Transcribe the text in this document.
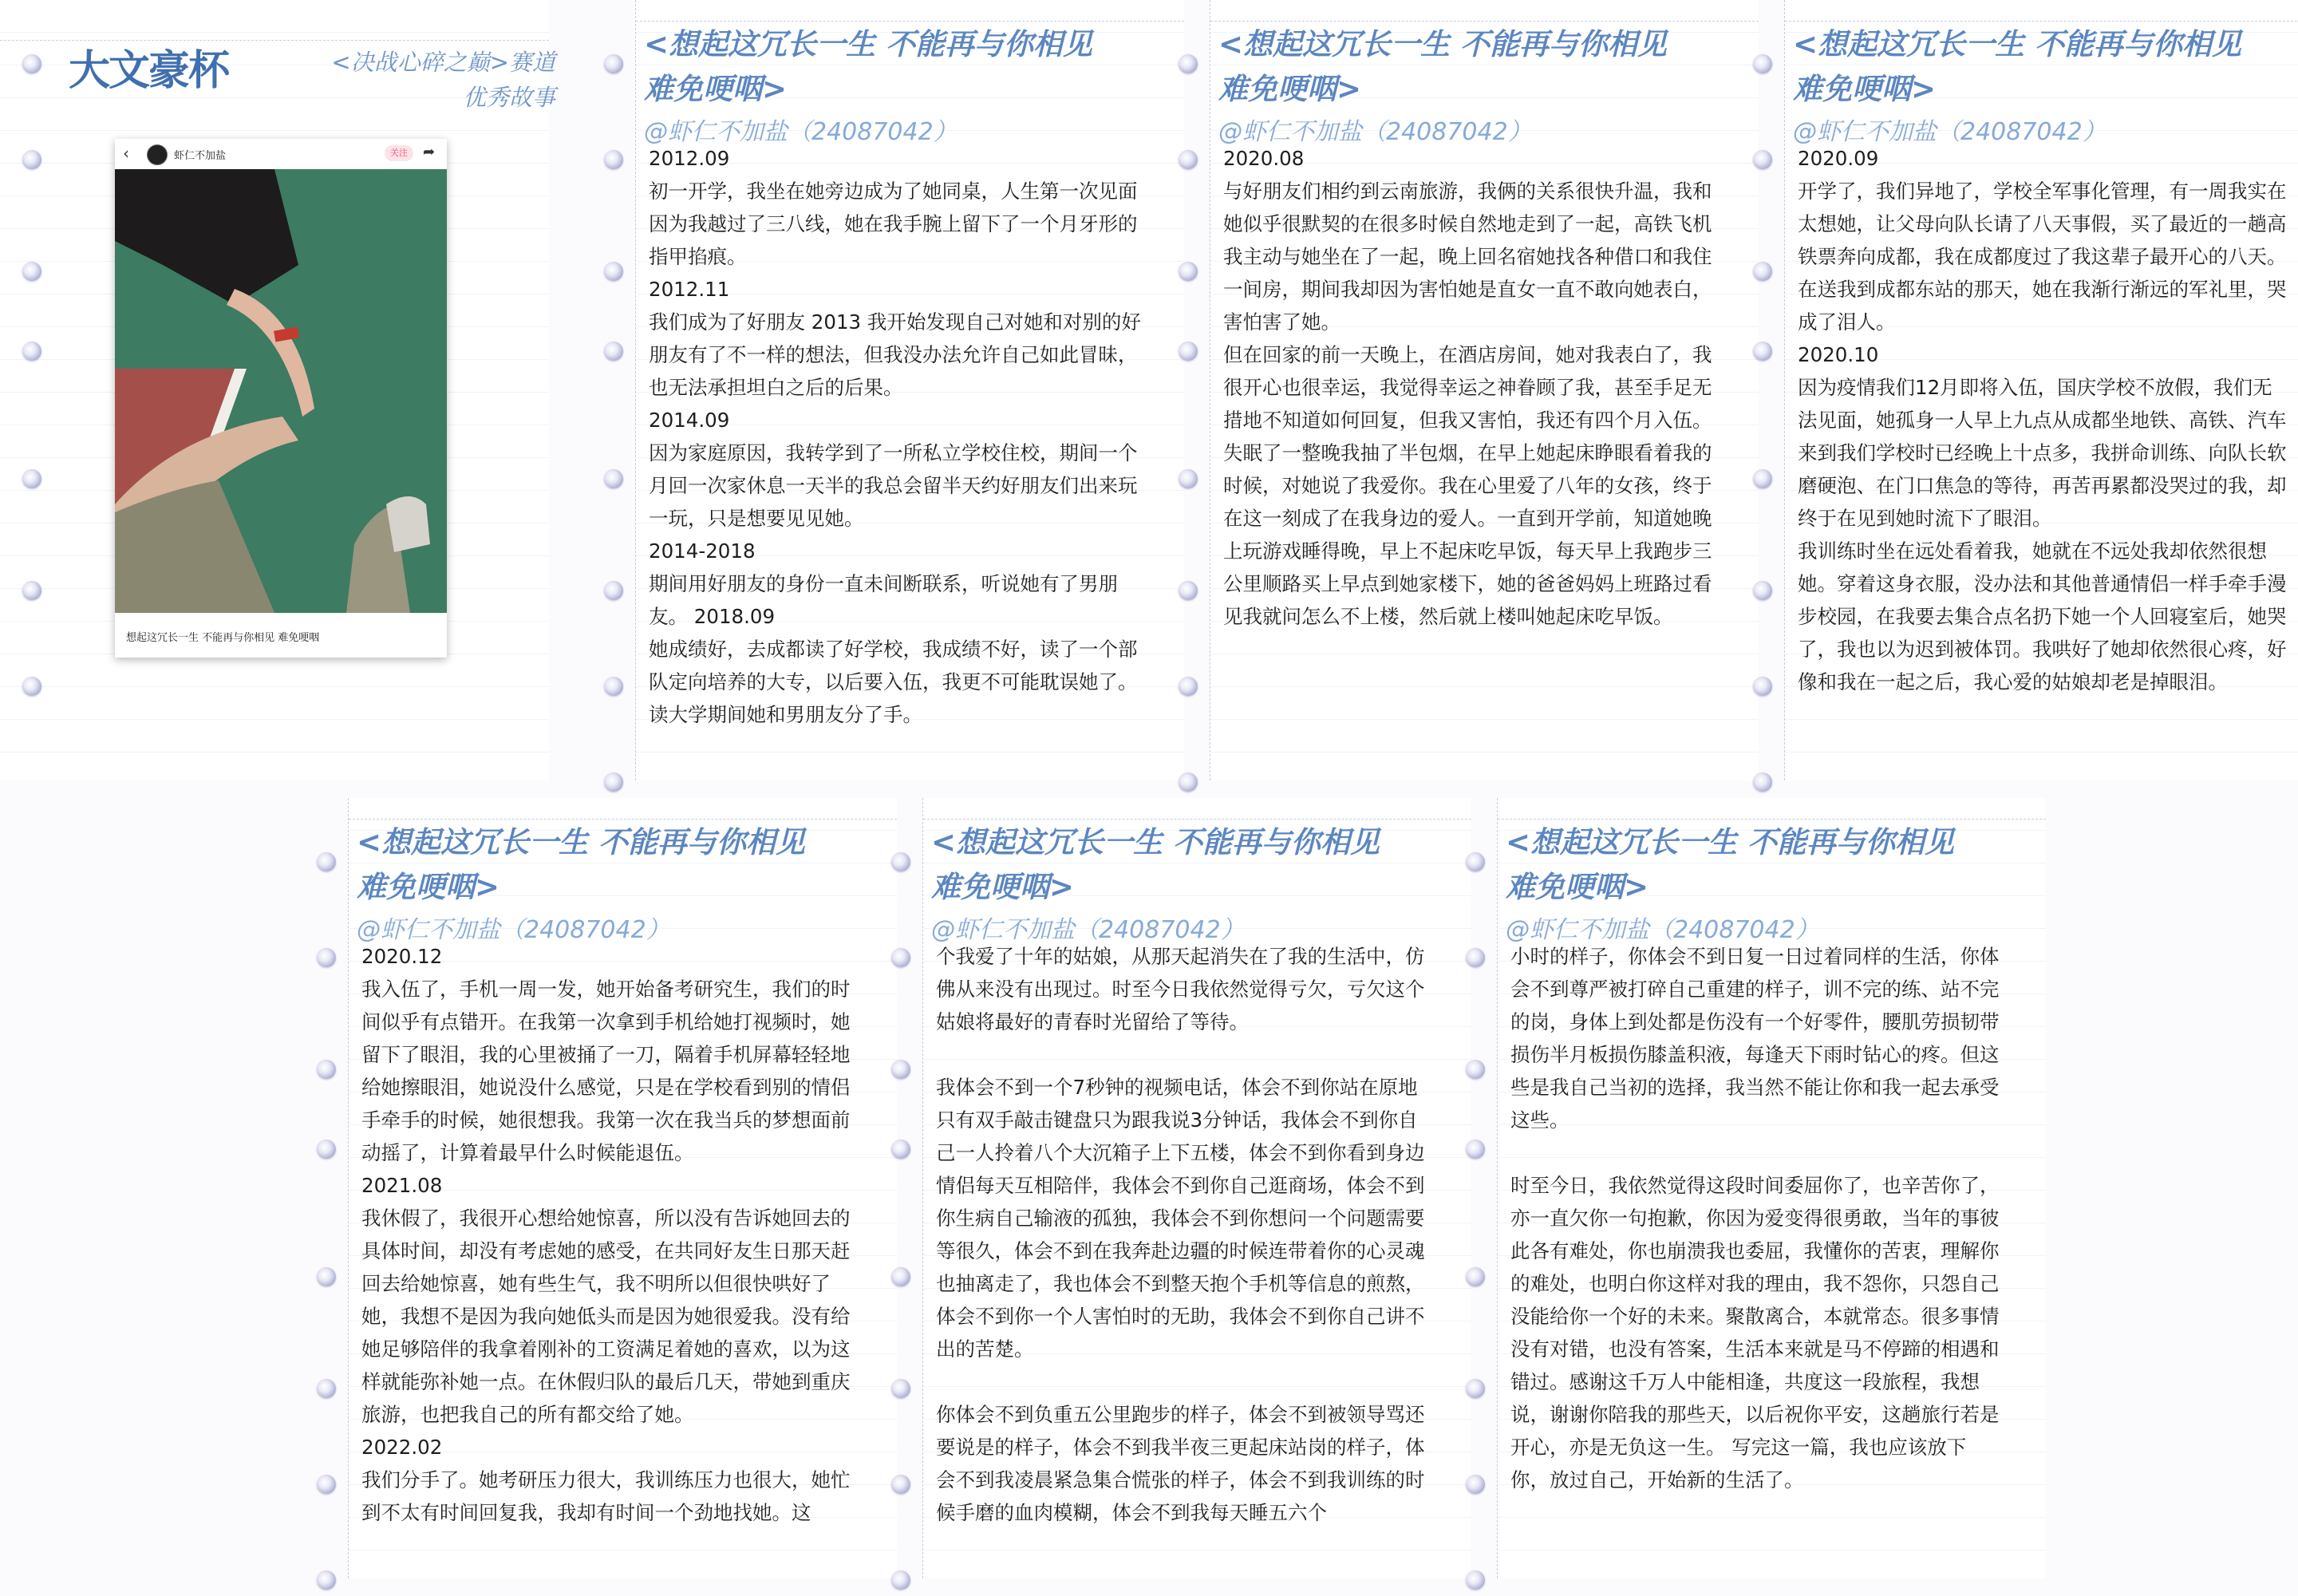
大文豪杯	<决战心碎之巅>赛道
优秀故事
‹	虾仁不加盐	关注	➦
想起这冗长一生 不能再与你相见 难免哽咽
<想起这冗长一生 不能再与你相见
难免哽咽>
@虾仁不加盐（24087042）

2012.09

初一开学，我坐在她旁边成为了她同桌，人生第一次见面因为我越过了三八线，她在我手腕上留下了一个月牙形的指甲掐痕。

2012.11

我们成为了好朋友 2013 我开始发现自己对她和对别的好朋友有了不一样的想法，但我没办法允许自己如此冒昧，也无法承担坦白之后的后果。

2014.09

因为家庭原因，我转学到了一所私立学校住校，期间一个月回一次家休息一天半的我总会留半天约好朋友们出来玩一玩，只是想要见见她。

2014-2018

期间用好朋友的身份一直未间断联系，听说她有了男朋友。 2018.09

她成绩好，去成都读了好学校，我成绩不好，读了一个部队定向培养的大专，以后要入伍，我更不可能耽误她了。读大学期间她和男朋友分了手。

<想起这冗长一生 不能再与你相见
难免哽咽>
@虾仁不加盐（24087042）

2020.08

与好朋友们相约到云南旅游，我俩的关系很快升温，我和她似乎很默契的在很多时候自然地走到了一起，高铁飞机我主动与她坐在了一起，晚上回名宿她找各种借口和我住一间房，期间我却因为害怕她是直女一直不敢向她表白，害怕害了她。

但在回家的前一天晚上，在酒店房间，她对我表白了，我很开心也很幸运，我觉得幸运之神眷顾了我，甚至手足无措地不知道如何回复，但我又害怕，我还有四个月入伍。

失眠了一整晚我抽了半包烟，在早上她起床睁眼看着我的时候，对她说了我爱你。我在心里爱了八年的女孩，终于在这一刻成了在我身边的爱人。一直到开学前，知道她晚上玩游戏睡得晚，早上不起床吃早饭，每天早上我跑步三公里顺路买上早点到她家楼下，她的爸爸妈妈上班路过看见我就问怎么不上楼，然后就上楼叫她起床吃早饭。

<想起这冗长一生 不能再与你相见
难免哽咽>
@虾仁不加盐（24087042）

2020.09

开学了，我们异地了，学校全军事化管理，有一周我实在太想她，让父母向队长请了八天事假，买了最近的一趟高铁票奔向成都，我在成都度过了我这辈子最开心的八天。在送我到成都东站的那天，她在我渐行渐远的军礼里，哭成了泪人。

2020.10

因为疫情我们12月即将入伍，国庆学校不放假，我们无法见面，她孤身一人早上九点从成都坐地铁、高铁、汽车来到我们学校时已经晚上十点多，我拼命训练、向队长软磨硬泡、在门口焦急的等待，再苦再累都没哭过的我，却终于在见到她时流下了眼泪。

我训练时坐在远处看着我，她就在不远处我却依然很想她。穿着这身衣服，没办法和其他普通情侣一样手牵手漫步校园，在我要去集合点名扔下她一个人回寝室后，她哭了，我也以为迟到被体罚。我哄好了她却依然很心疼，好像和我在一起之后，我心爱的姑娘却老是掉眼泪。

<想起这冗长一生 不能再与你相见
难免哽咽>
@虾仁不加盐（24087042）

2020.12

我入伍了，手机一周一发，她开始备考研究生，我们的时间似乎有点错开。在我第一次拿到手机给她打视频时，她留下了眼泪，我的心里被捅了一刀，隔着手机屏幕轻轻地给她擦眼泪，她说没什么感觉，只是在学校看到别的情侣手牵手的时候，她很想我。我第一次在我当兵的梦想面前动摇了，计算着最早什么时候能退伍。

2021.08

我休假了，我很开心想给她惊喜，所以没有告诉她回去的具体时间，却没有考虑她的感受，在共同好友生日那天赶回去给她惊喜，她有些生气，我不明所以但很快哄好了她，我想不是因为我向她低头而是因为她很爱我。没有给她足够陪伴的我拿着刚补的工资满足着她的喜欢，以为这样就能弥补她一点。在休假归队的最后几天，带她到重庆旅游，也把我自己的所有都交给了她。

2022.02

我们分手了。她考研压力很大，我训练压力也很大，她忙到不太有时间回复我，我却有时间一个劲地找她。这

<想起这冗长一生 不能再与你相见
难免哽咽>
@虾仁不加盐（24087042）

个我爱了十年的姑娘，从那天起消失在了我的生活中，仿佛从来没有出现过。时至今日我依然觉得亏欠，亏欠这个姑娘将最好的青春时光留给了等待。

我体会不到一个7秒钟的视频电话，体会不到你站在原地只有双手敲击键盘只为跟我说3分钟话，我体会不到你自己一人拎着八个大沉箱子上下五楼，体会不到你看到身边情侣每天互相陪伴，我体会不到你自己逛商场，体会不到你生病自己输液的孤独，我体会不到你想问一个问题需要等很久，体会不到在我奔赴边疆的时候连带着你的心灵魂也抽离走了，我也体会不到整天抱个手机等信息的煎熬，体会不到你一个人害怕时的无助，我体会不到你自己讲不出的苦楚。

你体会不到负重五公里跑步的样子，体会不到被领导骂还要说是的样子，体会不到我半夜三更起床站岗的样子，体会不到我凌晨紧急集合慌张的样子，体会不到我训练的时候手磨的血肉模糊，体会不到我每天睡五六个

<想起这冗长一生 不能再与你相见
难免哽咽>
@虾仁不加盐（24087042）

小时的样子，你体会不到日复一日过着同样的生活，你体会不到尊严被打碎自己重建的样子，训不完的练、站不完的岗，身体上到处都是伤没有一个好零件，腰肌劳损韧带损伤半月板损伤膝盖积液，每逢天下雨时钻心的疼。但这些是我自己当初的选择，我当然不能让你和我一起去承受这些。

时至今日，我依然觉得这段时间委屈你了，也辛苦你了，亦一直欠你一句抱歉，你因为爱变得很勇敢，当年的事彼此各有难处，你也崩溃我也委屈，我懂你的苦衷，理解你的难处，也明白你这样对我的理由，我不怨你，只怨自己没能给你一个好的未来。聚散离合，本就常态。很多事情没有对错，也没有答案，生活本来就是马不停蹄的相遇和错过。感谢这千万人中能相逢，共度这一段旅程，我想说，谢谢你陪我的那些天，以后祝你平安，这趟旅行若是开心，亦是无负这一生。 写完这一篇，我也应该放下你，放过自己，开始新的生活了。
